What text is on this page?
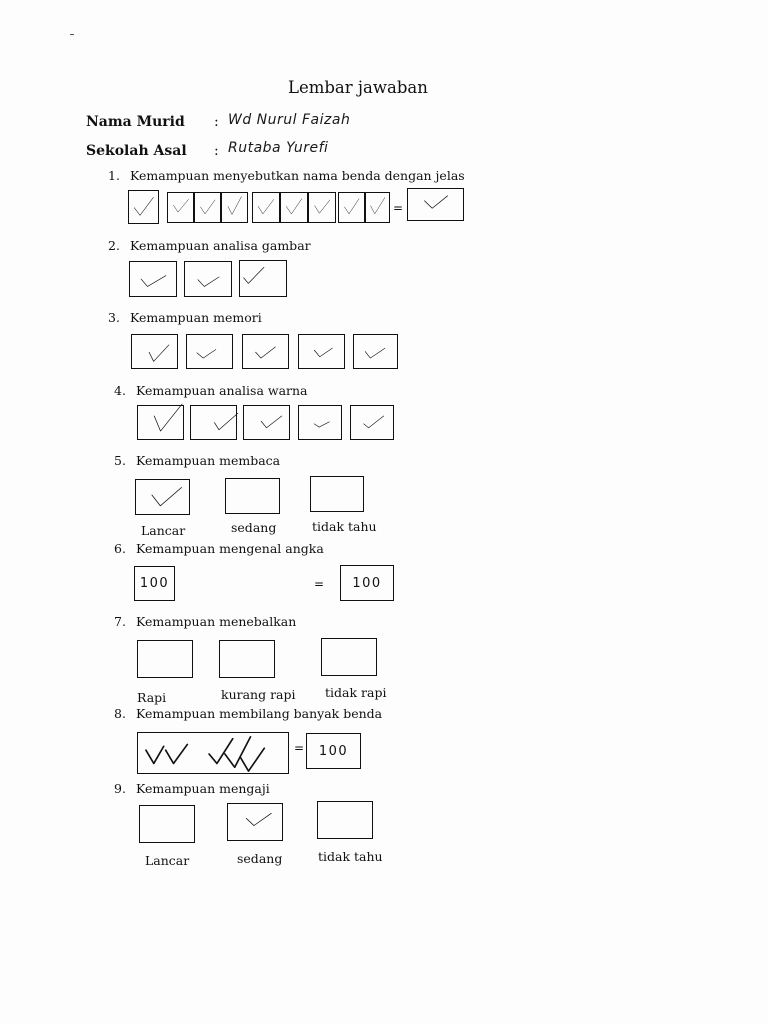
Lembar jawaban
Nama Murid : Wd Nurul Faizah
Sekolah Asal : Rutaba Yurefi
1. Kemampuan menyebutkan nama benda dengan jelas
=
2. Kemampuan analisa gambar
3. Kemampuan memori
4. Kemampuan analisa warna
5. Kemampuan membaca
Lancar	sedang	tidak tahu
6. Kemampuan mengenal angka
100	=	100
7. Kemampuan menebalkan
Rapi	kurang rapi tidak rapi
8. Kemampuan membilang banyak benda
=	100
9. Kemampuan mengaji
Lancar	sedang	tidak tahu
